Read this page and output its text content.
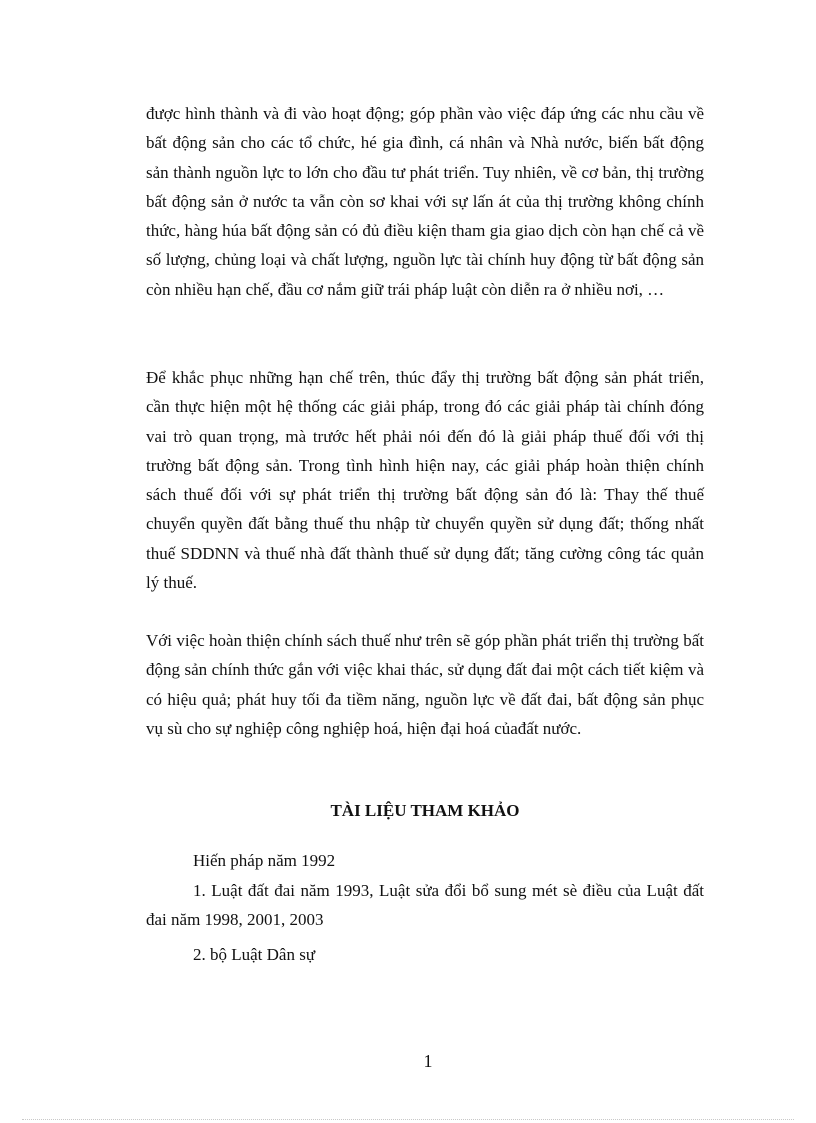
được hình thành và đi vào hoạt động; góp phần vào việc đáp ứng các nhu cầu về bất động sản cho các tổ chức, hé gia đình, cá nhân và Nhà nước, biến bất động sản thành nguồn lực to lớn cho đầu tư phát triển. Tuy nhiên, về cơ bản, thị trường bất động sản ở nước ta vẫn còn sơ khai với sự lấn át của thị trường không chính thức, hàng húa bất động sản có đủ điều kiện tham gia giao dịch còn hạn chế cả về số lượng, chủng loại và chất lượng, nguồn lực tài chính huy động từ bất động sản còn nhiều hạn chế, đầu cơ nắm giữ trái pháp luật còn diễn ra ở nhiều nơi, …

Để khắc phục những hạn chế trên, thúc đẩy thị trường bất động sản phát triển, cần thực hiện một hệ thống các giải pháp, trong đó các giải pháp tài chính đóng vai trò quan trọng, mà trước hết phải nói đến đó là giải pháp thuế đối với thị trường bất động sản. Trong tình hình hiện nay, các giải pháp hoàn thiện chính sách thuế đối với sự phát triển thị trường bất động sản đó là: Thay thế thuế chuyển quyền đất bằng thuế thu nhập từ chuyển quyền sử dụng đất; thống nhất thuế SDDNN và thuế nhà đất thành thuế sử dụng đất; tăng cường công tác quản lý thuế.

Với việc hoàn thiện chính sách thuế như trên sẽ góp phần phát triển thị trường bất động sản chính thức gắn với việc khai thác, sử dụng đất đai một cách tiết kiệm và có hiệu quả; phát huy tối đa tiềm năng, nguồn lực về đất đai, bất động sản phục vụ sù cho sự nghiệp công nghiệp hoá, hiện đại hoá củađất nước.

TÀI LIỆU THAM KHẢO

Hiến pháp năm 1992

1. Luật đất đai năm 1993, Luật sửa đổi bổ sung mét sè điều của Luật đất đai năm 1998, 2001, 2003

2. bộ Luật Dân sự

1
